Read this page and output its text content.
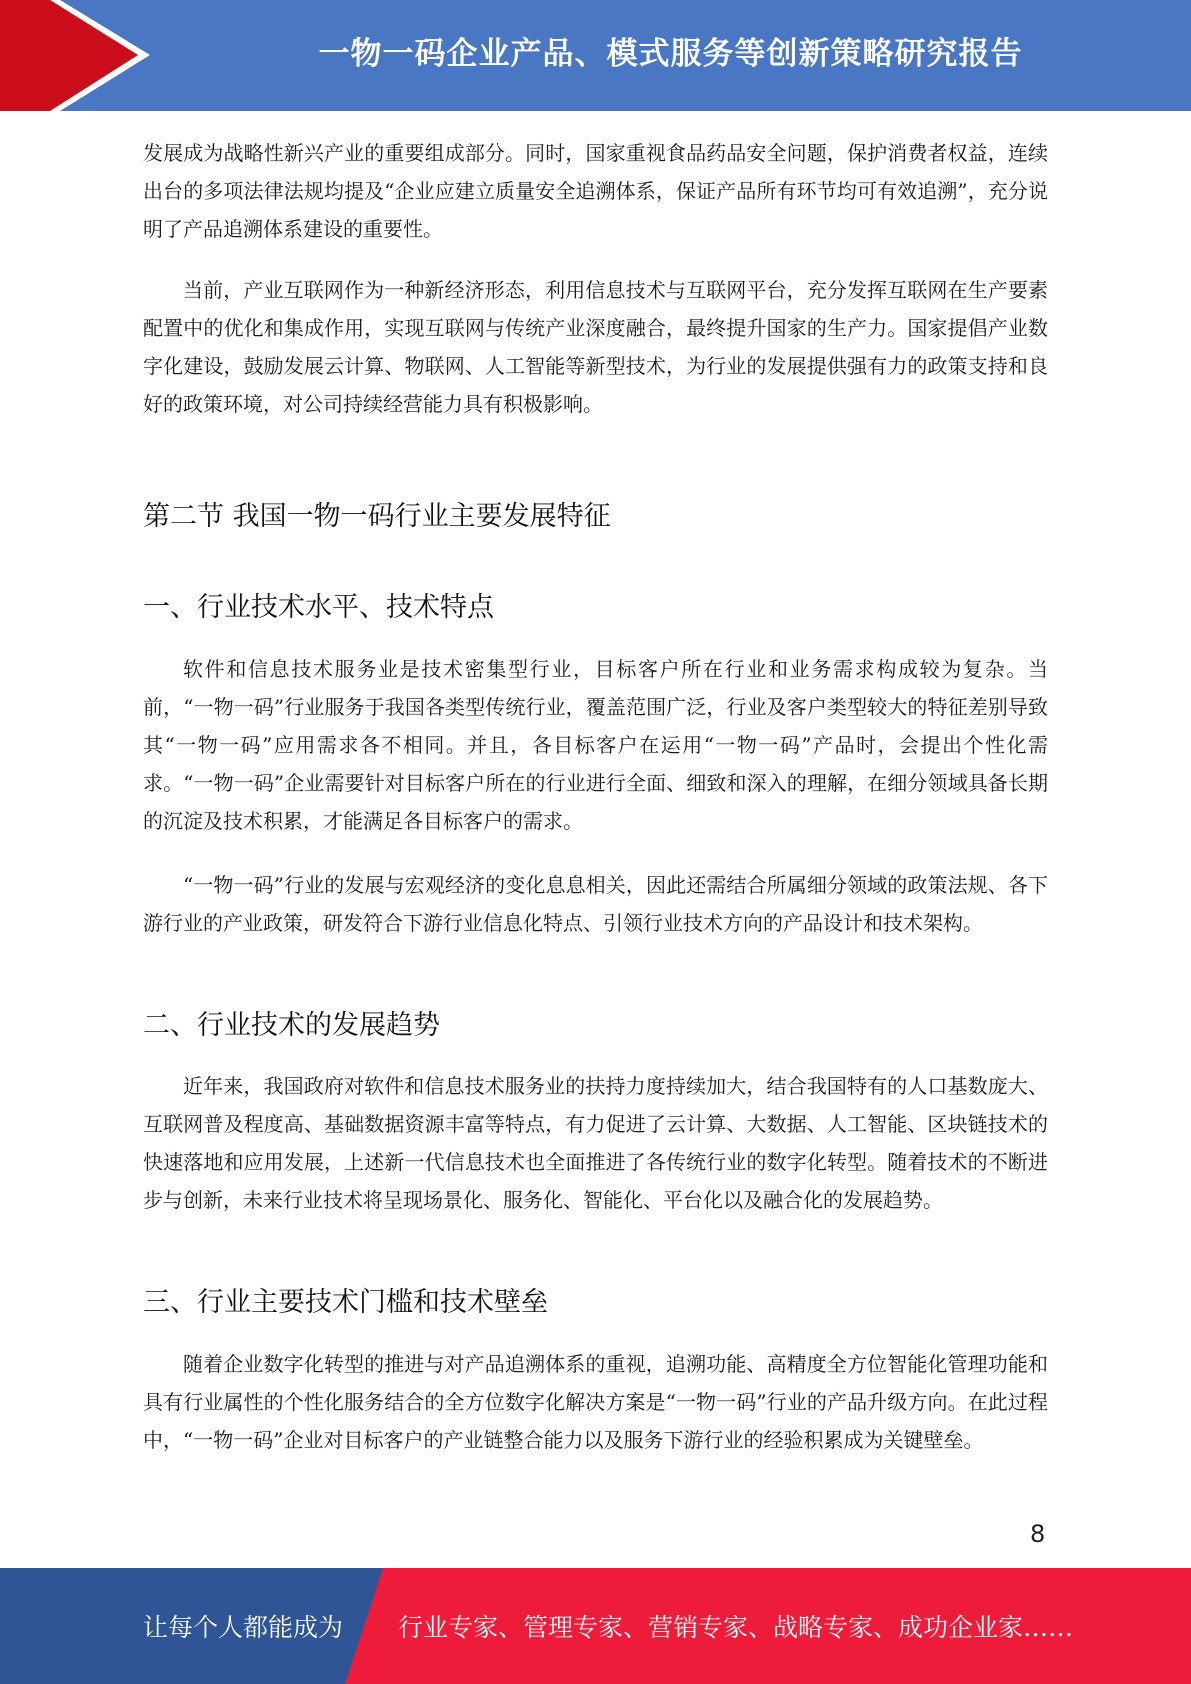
一物一码企业产品、模式服务等创新策略研究报告

发展成为战略性新兴产业的重要组成部分。同时，国家重视食品药品安全问题，保护消费者权益，连续出台的多项法律法规均提及“企业应建立质量安全追溯体系，保证产品所有环节均可有效追溯”，充分说明了产品追溯体系建设的重要性。

当前，产业互联网作为一种新经济形态，利用信息技术与互联网平台，充分发挥互联网在生产要素配置中的优化和集成作用，实现互联网与传统产业深度融合，最终提升国家的生产力。国家提倡产业数字化建设，鼓励发展云计算、物联网、人工智能等新型技术，为行业的发展提供强有力的政策支持和良好的政策环境，对公司持续经营能力具有积极影响。

第二节 我国一物一码行业主要发展特征
一、行业技术水平、技术特点

软件和信息技术服务业是技术密集型行业，目标客户所在行业和业务需求构成较为复杂。当前，“一物一码”行业服务于我国各类型传统行业，覆盖范围广泛，行业及客户类型较大的特征差别导致其“一物一码”应用需求各不相同。并且，各目标客户在运用“一物一码”产品时，会提出个性化需求。“一物一码”企业需要针对目标客户所在的行业进行全面、细致和深入的理解，在细分领域具备长期的沉淀及技术积累，才能满足各目标客户的需求。

“一物一码”行业的发展与宏观经济的变化息息相关，因此还需结合所属细分领域的政策法规、各下游行业的产业政策，研发符合下游行业信息化特点、引领行业技术方向的产品设计和技术架构。

二、行业技术的发展趋势

近年来，我国政府对软件和信息技术服务业的扶持力度持续加大，结合我国特有的人口基数庞大、互联网普及程度高、基础数据资源丰富等特点，有力促进了云计算、大数据、人工智能、区块链技术的快速落地和应用发展，上述新一代信息技术也全面推进了各传统行业的数字化转型。随着技术的不断进步与创新，未来行业技术将呈现场景化、服务化、智能化、平台化以及融合化的发展趋势。

三、行业主要技术门槛和技术壁垒

随着企业数字化转型的推进与对产品追溯体系的重视，追溯功能、高精度全方位智能化管理功能和具有行业属性的个性化服务结合的全方位数字化解决方案是“一物一码”行业的产品升级方向。在此过程中，“一物一码”企业对目标客户的产业链整合能力以及服务下游行业的经验积累成为关键壁垒。

8
让每个人都能成为 行业专家、管理专家、营销专家、战略专家、成功企业家……
